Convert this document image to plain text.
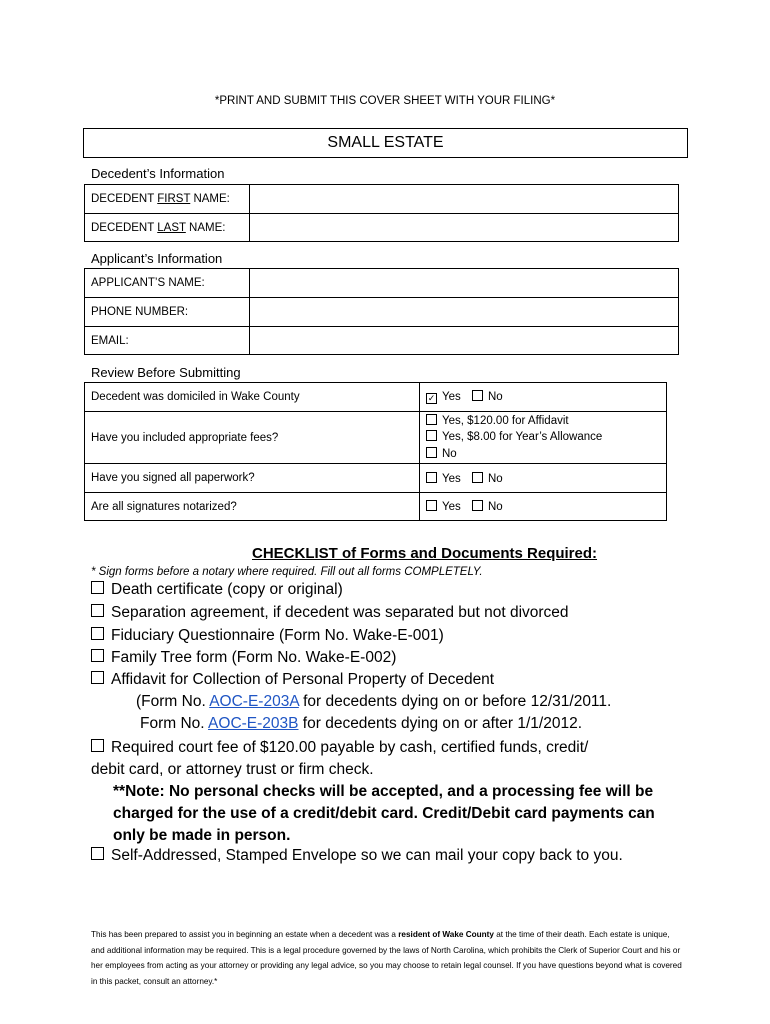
*PRINT AND SUBMIT THIS COVER SHEET WITH YOUR FILING*
SMALL ESTATE
Decedent’s Information
DECEDENT FIRST NAME:	
DECEDENT LAST NAME:	
Applicant’s Information
APPLICANT’S NAME:	
PHONE NUMBER:	
EMAIL:	
Review Before Submitting
Decedent was domiciled in Wake County	✓ Yes No
Have you included appropriate fees?	Yes, $120.00 for Affidavit
Yes, $8.00 for Year’s Allowance
No
Have you signed all paperwork?	Yes No
Are all signatures notarized?	Yes No
CHECKLIST of Forms and Documents Required:
* Sign forms before a notary where required. Fill out all forms COMPLETELY.
Death certificate (copy or original)
Separation agreement, if decedent was separated but not divorced
Fiduciary Questionnaire (Form No. Wake-E-001)
Family Tree form (Form No. Wake-E-002)
Affidavit for Collection of Personal Property of Decedent
(Form No. AOC-E-203A for decedents dying on or before 12/31/2011.
Form No. AOC-E-203B for decedents dying on or after 1/1/2012.
Required court fee of $120.00 payable by cash, certified funds, credit/
debit card, or attorney trust or firm check.
**Note: No personal checks will be accepted, and a processing fee will be
charged for the use of a credit/debit card. Credit/Debit card payments can
only be made in person.
Self-Addressed, Stamped Envelope so we can mail your copy back to you.
This has been prepared to assist you in beginning an estate when a decedent was a resident of Wake County at the time of their death. Each estate is unique, and additional information may be required. This is a legal procedure governed by the laws of North Carolina, which prohibits the Clerk of Superior Court and his or her employees from acting as your attorney or providing any legal advice, so you may choose to retain legal counsel. If you have questions beyond what is covered in this packet, consult an attorney.*
